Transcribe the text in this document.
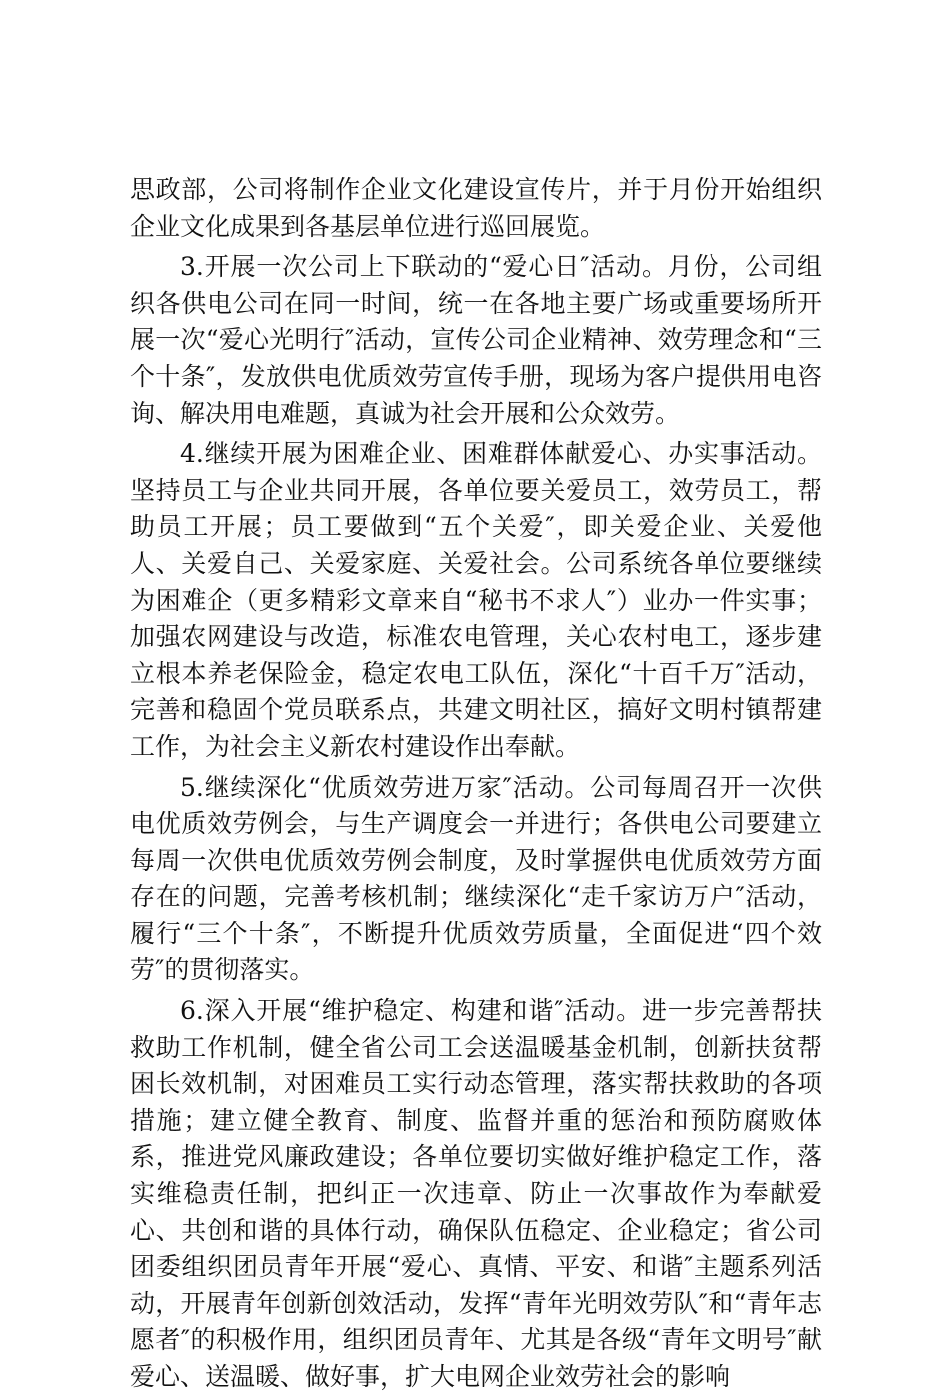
思政部，公司将制作企业文化建设宣传片，并于月份开始组织企业文化成果到各基层单位进行巡回展览。

3.开展一次公司上下联动的“爱心日″活动。月份，公司组织各供电公司在同一时间，统一在各地主要广场或重要场所开展一次“爱心光明行″活动，宣传公司企业精神、效劳理念和“三个十条″，发放供电优质效劳宣传手册，现场为客户提供用电咨询、解决用电难题，真诚为社会开展和公众效劳。

4.继续开展为困难企业、困难群体献爱心、办实事活动。坚持员工与企业共同开展，各单位要关爱员工，效劳员工，帮助员工开展；员工要做到“五个关爱″，即关爱企业、关爱他人、关爱自己、关爱家庭、关爱社会。公司系统各单位要继续为困难企（更多精彩文章来自“秘书不求人″）业办一件实事；加强农网建设与改造，标准农电管理，关心农村电工，逐步建立根本养老保险金，稳定农电工队伍，深化“十百千万″活动，完善和稳固个党员联系点，共建文明社区，搞好文明村镇帮建工作，为社会主义新农村建设作出奉献。

5.继续深化“优质效劳进万家″活动。公司每周召开一次供电优质效劳例会，与生产调度会一并进行；各供电公司要建立每周一次供电优质效劳例会制度，及时掌握供电优质效劳方面存在的问题，完善考核机制；继续深化“走千家访万户″活动，履行“三个十条″，不断提升优质效劳质量，全面促进“四个效劳″的贯彻落实。

6.深入开展“维护稳定、构建和谐″活动。进一步完善帮扶救助工作机制，健全省公司工会送温暖基金机制，创新扶贫帮困长效机制，对困难员工实行动态管理，落实帮扶救助的各项措施；建立健全教育、制度、监督并重的惩治和预防腐败体系，推进党风廉政建设；各单位要切实做好维护稳定工作，落实维稳责任制，把纠正一次违章、防止一次事故作为奉献爱心、共创和谐的具体行动，确保队伍稳定、企业稳定；省公司团委组织团员青年开展“爱心、真情、平安、和谐″主题系列活动，开展青年创新创效活动，发挥“青年光明效劳队″和“青年志愿者″的积极作用，组织团员青年、尤其是各级“青年文明号″献爱心、送温暖、做好事，扩大电网企业效劳社会的影响
